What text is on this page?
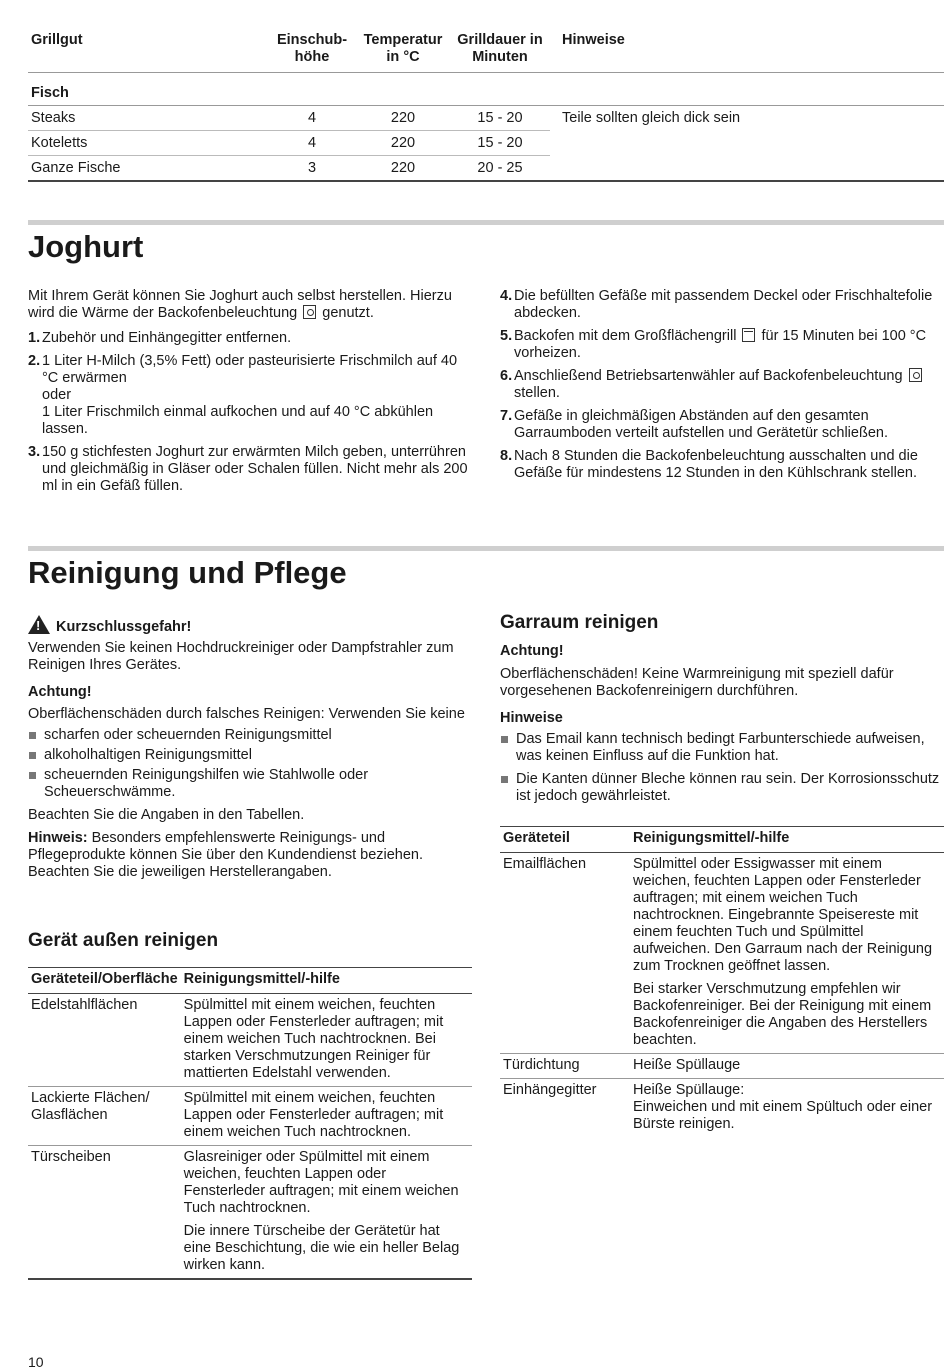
Grillgut	Einschub-höhe	Temperatur in °C	Grilldauer in Minuten	Hinweise
Fisch				
Steaks	4	220	15 - 20	Teile sollten gleich dick sein
Koteletts	4	220	15 - 20	
Ganze Fische	3	220	20 - 25	
Joghurt

Mit Ihrem Gerät können Sie Joghurt auch selbst herstellen. Hierzu wird die Wärme der Backofenbeleuchtung genutzt.

1. Zubehör und Einhängegitter entfernen.
2. 1 Liter H-Milch (3,5% Fett) oder pasteurisierte Frischmilch auf 40 °C erwärmen
oder
1 Liter Frischmilch einmal aufkochen und auf 40 °C abkühlen lassen.
3. 150 g stichfesten Joghurt zur erwärmten Milch geben, unterrühren und gleichmäßig in Gläser oder Schalen füllen. Nicht mehr als 200 ml in ein Gefäß füllen.
4. Die befüllten Gefäße mit passendem Deckel oder Frischhaltefolie abdecken.
5. Backofen mit dem Großflächengrill für 15 Minuten bei 100 °C vorheizen.
6. Anschließend Betriebsartenwähler auf Backofenbeleuchtung  stellen.
7. Gefäße in gleichmäßigen Abständen auf den gesamten Garraumboden verteilt aufstellen und Gerätetür schließen.
8. Nach 8 Stunden die Backofenbeleuchtung ausschalten und die Gefäße für mindestens 12 Stunden in den Kühlschrank stellen.
Reinigung und Pflege

!Kurzschlussgefahr!

Verwenden Sie keinen Hochdruckreiniger oder Dampfstrahler zum Reinigen Ihres Gerätes.

Achtung!

Oberflächenschäden durch falsches Reinigen: Verwenden Sie keine

scharfen oder scheuernden Reinigungsmittel
alkoholhaltigen Reinigungsmittel
scheuernden Reinigungshilfen wie Stahlwolle oder Scheuerschwämme.

Beachten Sie die Angaben in den Tabellen.

Hinweis: Besonders empfehlenswerte Reinigungs- und Pflegeprodukte können Sie über den Kundendienst beziehen. Beachten Sie die jeweiligen Herstellerangaben.

Gerät außen reinigen
Geräteteil/Oberfläche	Reinigungsmittel/-hilfe
Edelstahlflächen	Spülmittel mit einem weichen, feuchten Lappen oder Fensterleder auftragen; mit einem weichen Tuch nachtrocknen. Bei starken Verschmutzungen Reiniger für mattierten Edelstahl verwenden.
Lackierte Flächen/ Glasflächen	Spülmittel mit einem weichen, feuchten Lappen oder Fensterleder auftragen; mit einem weichen Tuch nachtrocknen.
Türscheiben	Glasreiniger oder Spülmittel mit einem weichen, feuchten Lappen oder Fensterleder auftragen; mit einem weichen Tuch nachtrocknen.

Die innere Türscheibe der Gerätetür hat eine Beschichtung, die wie ein heller Belag wirken kann.

Garraum reinigen

Achtung!

Oberflächenschäden! Keine Warmreinigung mit speziell dafür vorgesehenen Backofenreinigern durchführen.

Hinweise

Das Email kann technisch bedingt Farbunterschiede aufweisen, was keinen Einfluss auf die Funktion hat.
Die Kanten dünner Bleche können rau sein. Der Korrosionsschutz ist jedoch gewährleistet.
Geräteteil	Reinigungsmittel/-hilfe
Emailflächen	Spülmittel oder Essigwasser mit einem weichen, feuchten Lappen oder Fensterleder auftragen; mit einem weichen Tuch nachtrocknen. Eingebrannte Speisereste mit einem feuchten Tuch und Spülmittel aufweichen. Den Garraum nach der Reinigung zum Trocknen geöffnet lassen.

Bei starker Verschmutzung empfehlen wir Backofenreiniger. Bei der Reinigung mit einem Backofenreiniger die Angaben des Herstellers beachten.

Türdichtung	Heiße Spüllauge
Einhängegitter	Heiße Spüllauge:
Einweichen und mit einem Spültuch oder einer Bürste reinigen.
10
